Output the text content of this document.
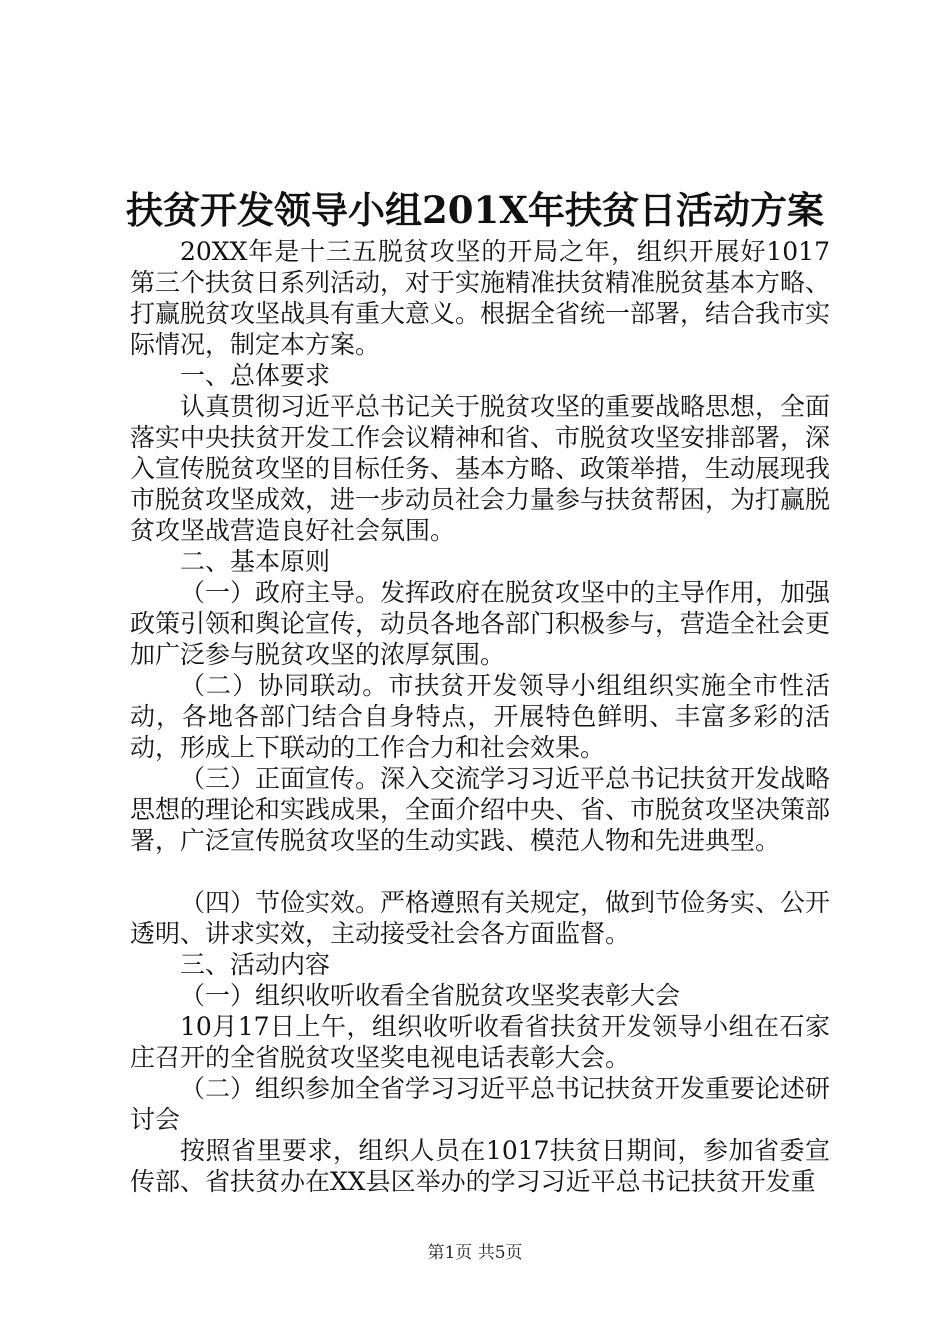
扶贫开发领导小组201X年扶贫日活动方案

20XX年是十三五脱贫攻坚的开局之年，组织开展好1017第三个扶贫日系列活动，对于实施精准扶贫精准脱贫基本方略、打赢脱贫攻坚战具有重大意义。根据全省统一部署，结合我市实际情况，制定本方案。

一、总体要求

认真贯彻习近平总书记关于脱贫攻坚的重要战略思想，全面落实中央扶贫开发工作会议精神和省、市脱贫攻坚安排部署，深入宣传脱贫攻坚的目标任务、基本方略、政策举措，生动展现我市脱贫攻坚成效，进一步动员社会力量参与扶贫帮困，为打赢脱贫攻坚战营造良好社会氛围。

二、基本原则

（一）政府主导。发挥政府在脱贫攻坚中的主导作用，加强政策引领和舆论宣传，动员各地各部门积极参与，营造全社会更加广泛参与脱贫攻坚的浓厚氛围。

（二）协同联动。市扶贫开发领导小组组织实施全市性活动，各地各部门结合自身特点，开展特色鲜明、丰富多彩的活动，形成上下联动的工作合力和社会效果。

（三）正面宣传。深入交流学习习近平总书记扶贫开发战略思想的理论和实践成果，全面介绍中央、省、市脱贫攻坚决策部署，广泛宣传脱贫攻坚的生动实践、模范人物和先进典型。

（四）节俭实效。严格遵照有关规定，做到节俭务实、公开透明、讲求实效，主动接受社会各方面监督。

三、活动内容

（一）组织收听收看全省脱贫攻坚奖表彰大会

10月17日上午，组织收听收看省扶贫开发领导小组在石家庄召开的全省脱贫攻坚奖电视电话表彰大会。

（二）组织参加全省学习习近平总书记扶贫开发重要论述研讨会

按照省里要求，组织人员在1017扶贫日期间，参加省委宣传部、省扶贫办在XX县区举办的学习习近平总书记扶贫开发重

第1页 共5页
